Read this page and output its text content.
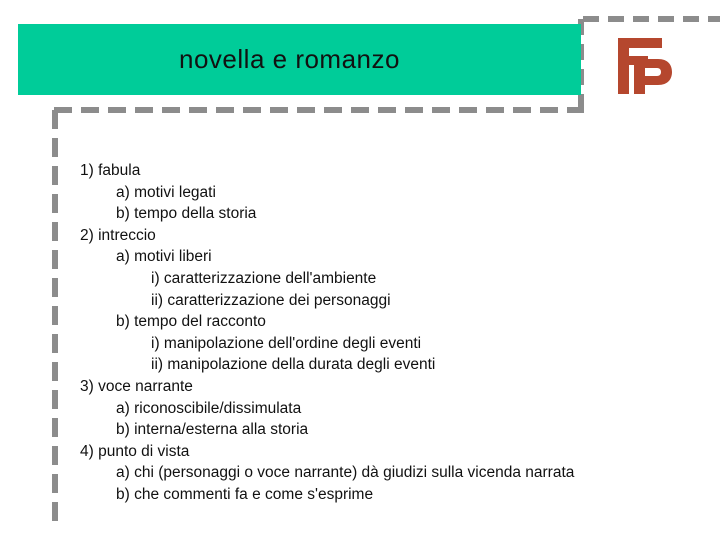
novella e romanzo
1) fabula
a) motivi legati
b) tempo della storia
2) intreccio
a) motivi liberi
i) caratterizzazione dell'ambiente
ii) caratterizzazione dei personaggi
b) tempo del racconto
i) manipolazione dell'ordine degli eventi
ii) manipolazione della durata degli eventi
3) voce narrante
a) riconoscibile/dissimulata
b) interna/esterna alla storia
4) punto di vista
a) chi (personaggi o voce narrante) dà giudizi sulla vicenda narrata
b) che commenti fa e come s'esprime
